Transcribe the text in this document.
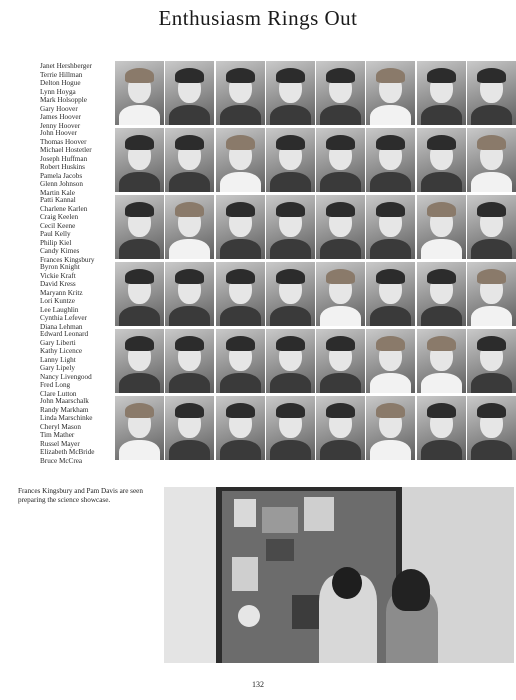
Enthusiasm Rings Out
Janet Hershberger
Terrie Hillman
Delton Hogue
Lynn Hoyga
Mark Holsopple
Gary Hoover
James Hoover
Jenny Hoover
John Hoover
Thomas Hoover
Michael Hostetler
Joseph Huffman
Robert Huskins
Pamela Jacobs
Glenn Johnson
Martin Kale
Patti Kannal
Charlene Karlen
Craig Keelen
Cecil Keene
Paul Kelly
Philip Kiel
Candy Kimes
Frances Kingsbury
Byron Knight
Vickie Kraft
David Kress
Maryann Kritz
Lori Kuntze
Lee Laughlin
Cynthia Lefever
Diana Lehman
Edward Leonard
Gary Liberti
Kathy Licence
Lanny Light
Gary Lipely
Nancy Livengood
Fred Long
Clare Lutton
John Maarschalk
Randy Markham
Linda Marschinke
Cheryl Mason
Tim Mather
Russel Mayer
Elizabeth McBride
Bruce McCrea
Frances Kingsbury and Pam Davis are seen preparing the science showcase.
132
